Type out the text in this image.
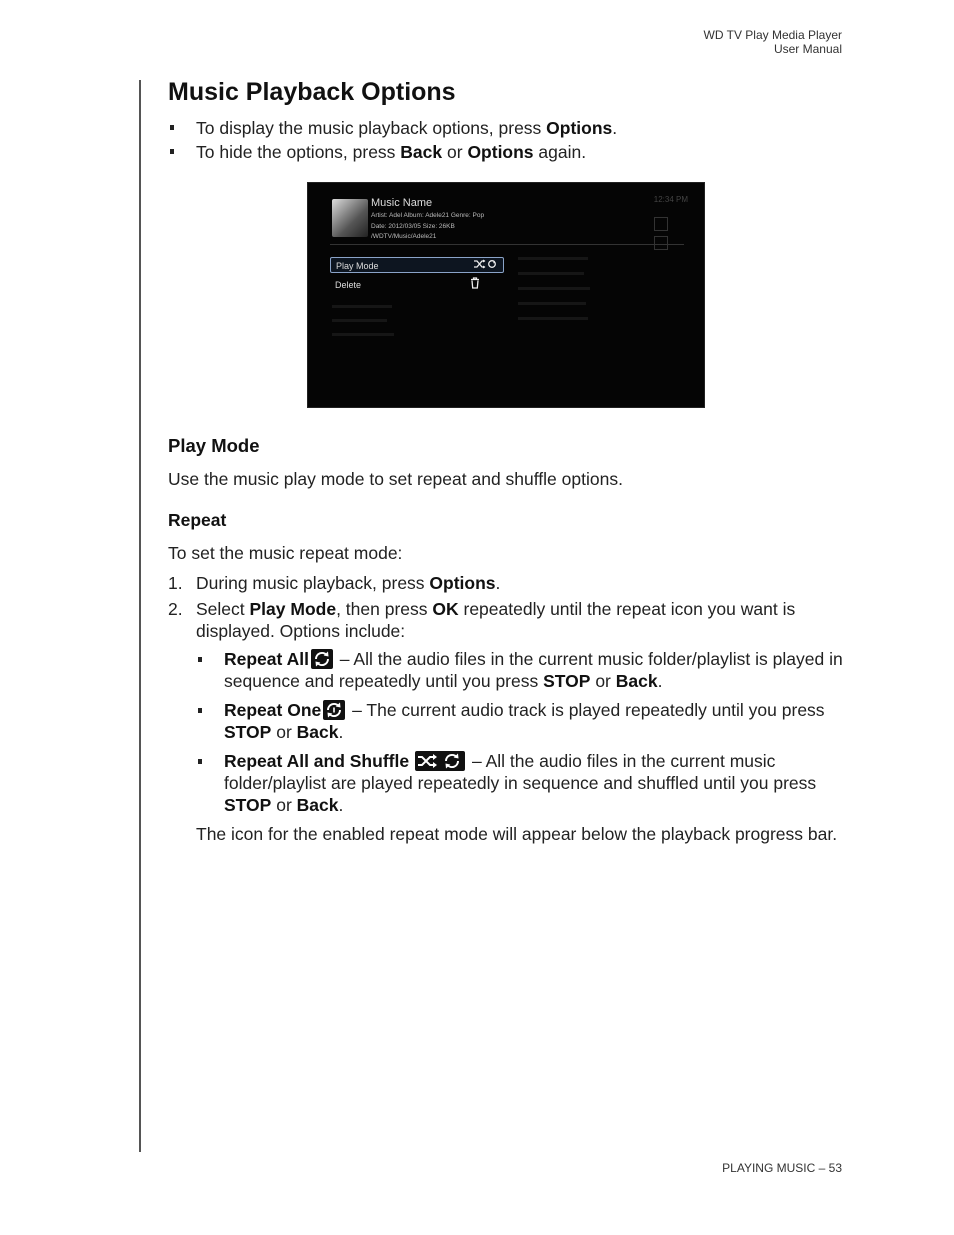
WD TV Play Media Player
User Manual
Music Playback Options
To display the music playback options, press Options.
To hide the options, press Back or Options again.
Music Name
Artist: Adel Album: Adele21 Genre: Pop
Date: 2012/03/05 Size: 26KB
/WDTV/Music/Adele21
12:34 PM
Play Mode
Delete
Play Mode

Use the music play mode to set repeat and shuffle options.

Repeat

To set the music repeat mode:

1. During music playback, press Options.
2. Select Play Mode, then press OK repeatedly until the repeat icon you want is displayed. Options include:
Repeat All
– All the audio files in the current music folder/playlist is played in sequence and repeatedly until you press STOP or Back.
Repeat One
– The current audio track is played repeatedly until you press STOP or Back.
Repeat All and Shuffle	– All the audio files in the current music folder/playlist are played repeatedly in sequence and shuffled until you press STOP or Back.

The icon for the enabled repeat mode will appear below the playback progress bar.

PLAYING MUSIC – 53
